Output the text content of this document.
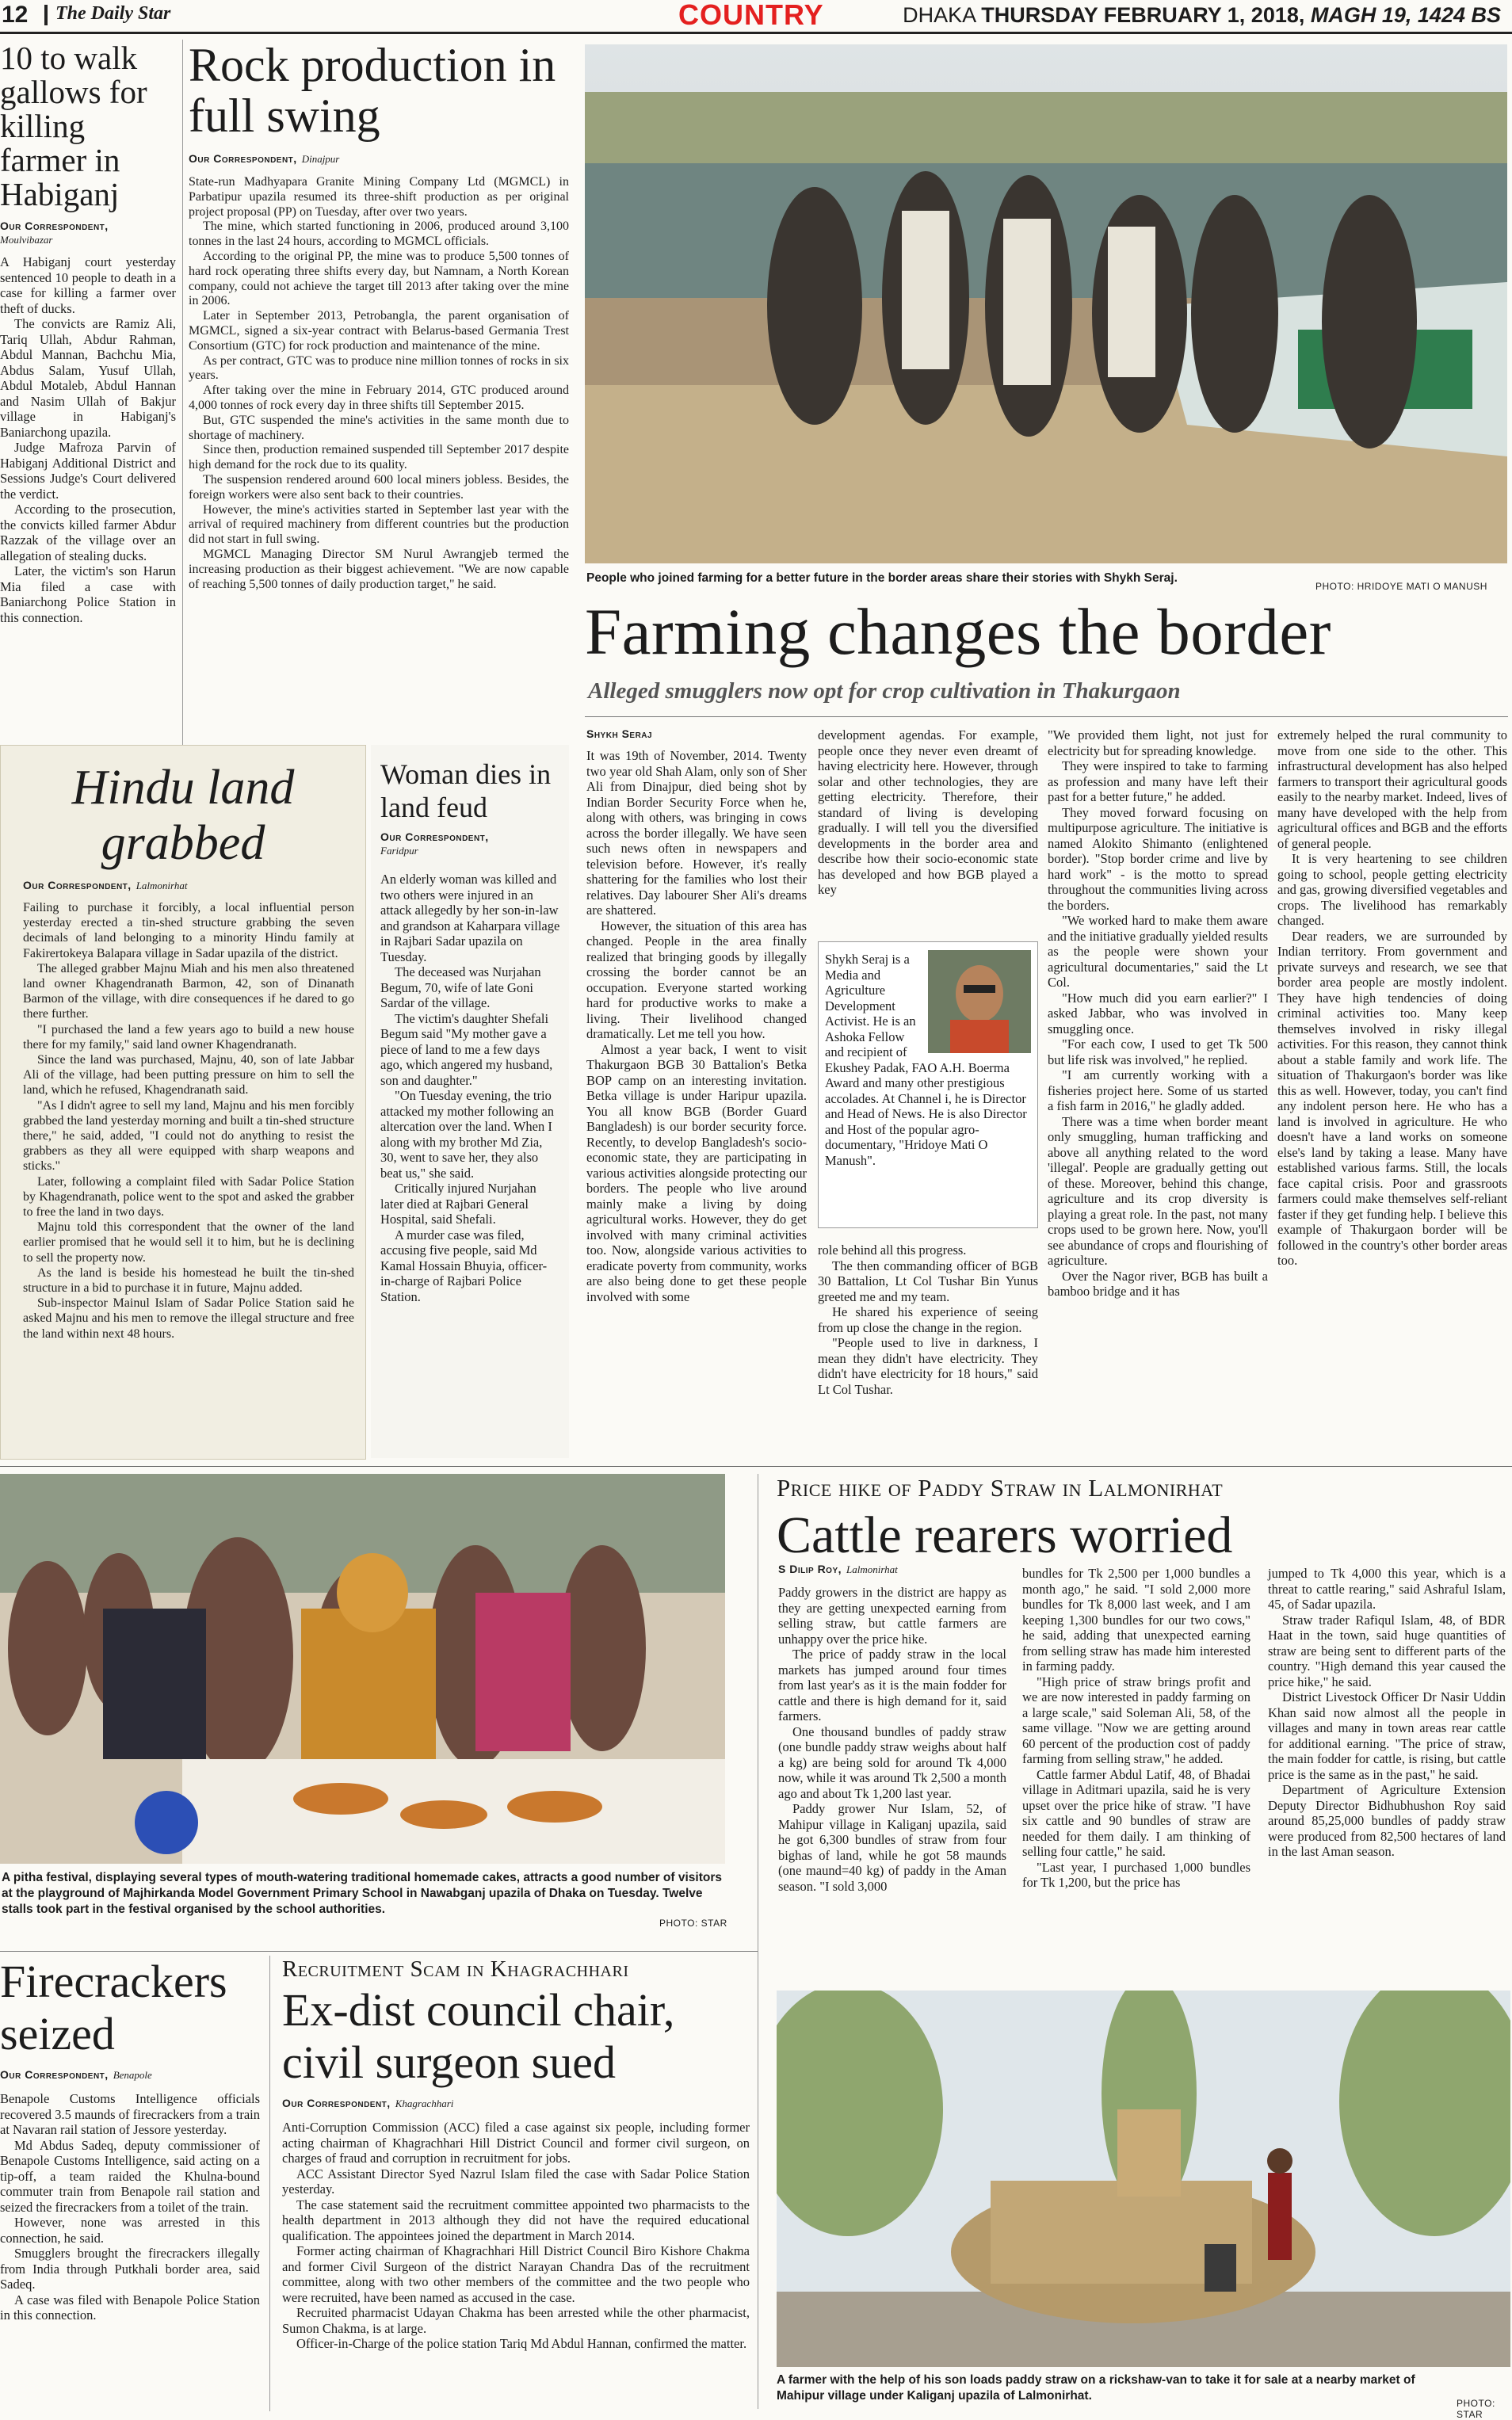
12 The Daily Star	COUNTRY	DHAKA THURSDAY FEBRUARY 1, 2018, MAGH 19, 1424 BS
10 to walk gallows for killing farmer in Habiganj
Our Correspondent,
Moulvibazar

A Habiganj court yesterday sentenced 10 people to death in a case for killing a farmer over theft of ducks.

The convicts are Ramiz Ali, Tariq Ullah, Abdur Rahman, Abdul Mannan, Bachchu Mia, Abdus Salam, Yusuf Ullah, Abdul Motaleb, Abdul Hannan and Nasim Ullah of Bakjur village in Habiganj's Baniarchong upazila.

Judge Mafroza Parvin of Habiganj Additional District and Sessions Judge's Court delivered the verdict.

According to the prosecution, the convicts killed farmer Abdur Razzak of the village over an allegation of stealing ducks.

Later, the victim's son Harun Mia filed a case with Baniarchong Police Station in this connection.

Rock production in full swing
Our Correspondent, Dinajpur

State-run Madhyapara Granite Mining Company Ltd (MGMCL) in Parbatipur upazila resumed its three-shift production as per original project proposal (PP) on Tuesday, after over two years.

The mine, which started functioning in 2006, produced around 3,100 tonnes in the last 24 hours, according to MGMCL officials.

According to the original PP, the mine was to produce 5,500 tonnes of hard rock operating three shifts every day, but Namnam, a North Korean company, could not achieve the target till 2013 after taking over the mine in 2006.

Later in September 2013, Petrobangla, the parent organisation of MGMCL, signed a six-year contract with Belarus-based Germania Trest Consortium (GTC) for rock production and maintenance of the mine.

As per contract, GTC was to produce nine million tonnes of rocks in six years.

After taking over the mine in February 2014, GTC produced around 4,000 tonnes of rock every day in three shifts till September 2015.

But, GTC suspended the mine's activities in the same month due to shortage of machinery.

Since then, production remained suspended till September 2017 despite high demand for the rock due to its quality.

The suspension rendered around 600 local miners jobless. Besides, the foreign workers were also sent back to their countries.

However, the mine's activities started in September last year with the arrival of required machinery from different countries but the production did not start in full swing.

MGMCL Managing Director SM Nurul Awrangjeb termed the increasing production as their biggest achievement. "We are now capable of reaching 5,500 tonnes of daily production target," he said.	People who joined farming for a better future in the border areas share their stories with Shykh Seraj.
PHOTO: HRIDOYE MATI O MANUSH
Farming changes the border
Alleged smugglers now opt for crop cultivation in Thakurgaon
Shykh Seraj

It was 19th of November, 2014. Twenty two year old Shah Alam, only son of Sher Ali from Dinajpur, died being shot by Indian Border Security Force when he, along with others, was bringing in cows across the border illegally. We have seen such news often in newspapers and television before. However, it's really shattering for the families who lost their relatives. Day labourer Sher Ali's dreams are shattered.

However, the situation of this area has changed. People in the area finally realized that bringing goods by illegally crossing the border cannot be an occupation. Everyone started working hard for productive works to make a living. Their livelihood changed dramatically. Let me tell you how.

Almost a year back, I went to visit Thakurgaon BGB 30 Battalion's Betka BOP camp on an interesting invitation. Betka village is under Haripur upazila. You all know BGB (Border Guard Bangladesh) is our border security force. Recently, to develop Bangladesh's socio-economic state, they are participating in various activities alongside protecting our borders. The people who live around mainly make a living by doing agricultural works. However, they do get involved with many criminal activities too. Now, alongside various activities to eradicate poverty from community, works are also being done to get these people involved with some

development agendas. For example, people once they never even dreamt of having electricity here. However, through solar and other technologies, they are getting electricity. Therefore, their standard of living is developing gradually. I will tell you the diversified developments in the border area and describe how their socio-economic state has developed and how BGB played a key

Shykh Seraj is a Media and Agriculture Development Activist. He is an Ashoka Fellow and recipient of Ekushey Padak, FAO A.H. Boerma Award and many other prestigious accolades. At Channel i, he is Director and Head of News. He is also Director and Host of the popular agro-documentary, "Hridoye Mati O Manush".

role behind all this progress.

The then commanding officer of BGB 30 Battalion, Lt Col Tushar Bin Yunus greeted me and my team.

He shared his experience of seeing from up close the change in the region.

"People used to live in darkness, I mean they didn't have electricity. They didn't have electricity for 18 hours," said Lt Col Tushar.

"We provided them light, not just for electricity but for spreading knowledge.

They were inspired to take to farming as profession and many have left their past for a better future," he added.

They moved forward focusing on multipurpose agriculture. The initiative is named Alokito Shimanto (enlightened border). "Stop border crime and live by hard work" - is the motto to spread throughout the communities living across the borders.

"We worked hard to make them aware and the initiative gradually yielded results as the people were shown your agricultural documentaries," said the Lt Col.

"How much did you earn earlier?" I asked Jabbar, who was involved in smuggling once.

"For each cow, I used to get Tk 500 but life risk was involved," he replied.

"I am currently working with a fisheries project here. Some of us started a fish farm in 2016," he gladly added.

There was a time when border meant only smuggling, human trafficking and above all anything related to the word 'illegal'. People are gradually getting out of these. Moreover, behind this change, agriculture and its crop diversity is playing a great role. In the past, not many crops used to be grown here. Now, you'll see abundance of crops and flourishing of agriculture.

Over the Nagor river, BGB has built a bamboo bridge and it has

extremely helped the rural community to move from one side to the other. This infrastructural development has also helped farmers to transport their agricultural goods easily to the nearby market. Indeed, lives of many have developed with the help from agricultural offices and BGB and the efforts of general people.

It is very heartening to see children going to school, people getting electricity and gas, growing diversified vegetables and crops. The livelihood has remarkably changed.

Dear readers, we are surrounded by Indian territory. From government and private surveys and research, we see that border area people are mostly indolent. They have high tendencies of doing criminal activities too. Many keep themselves involved in risky illegal activities. For this reason, they cannot think about a stable family and work life. The situation of Thakurgaon's border was like this as well. However, today, you can't find any indolent person here. He who has a land is involved in agriculture. He who doesn't have a land works on someone else's land by taking a lease. Many have established various farms. Still, the locals face capital crisis. Poor and grassroots farmers could make themselves self-reliant faster if they get funding help. I believe this example of Thakurgaon border will be followed in the country's other border areas too.

Hindu land grabbed
Our Correspondent, Lalmonirhat

Failing to purchase it forcibly, a local influential person yesterday erected a tin-shed structure grabbing the seven decimals of land belonging to a minority Hindu family at Fakirertokeya Balapara village in Sadar upazila of the district.

The alleged grabber Majnu Miah and his men also threatened land owner Khagendranath Barmon, 42, son of Dinanath Barmon of the village, with dire consequences if he dared to go there further.

"I purchased the land a few years ago to build a new house there for my family," said land owner Khagendranath.

Since the land was purchased, Majnu, 40, son of late Jabbar Ali of the village, had been putting pressure on him to sell the land, which he refused, Khagendranath said.

"As I didn't agree to sell my land, Majnu and his men forcibly grabbed the land yesterday morning and built a tin-shed structure there," he said, added, "I could not do anything to resist the grabbers as they all were equipped with sharp weapons and sticks."

Later, following a complaint filed with Sadar Police Station by Khagendranath, police went to the spot and asked the grabber to free the land in two days.

Majnu told this correspondent that the owner of the land earlier promised that he would sell it to him, but he is declining to sell the property now.

As the land is beside his homestead he built the tin-shed structure in a bid to purchase it in future, Majnu added.

Sub-inspector Mainul Islam of Sadar Police Station said he asked Majnu and his men to remove the illegal structure and free the land within next 48 hours.

Woman dies in land feud
Our Correspondent,
Faridpur

An elderly woman was killed and two others were injured in an attack allegedly by her son-in-law and grandson at Kaharpara village in Rajbari Sadar upazila on Tuesday.

The deceased was Nurjahan Begum, 70, wife of late Goni Sardar of the village.

The victim's daughter Shefali Begum said "My mother gave a piece of land to me a few days ago, which angered my husband, son and daughter."

"On Tuesday evening, the trio attacked my mother following an altercation over the land. When I along with my brother Md Zia, 30, went to save her, they also beat us," she said.

Critically injured Nurjahan later died at Rajbari General Hospital, said Shefali.

A murder case was filed, accusing five people, said Md Kamal Hossain Bhuyia, officer-in-charge of Rajbari Police Station.

A pitha festival, displaying several types of mouth-watering traditional homemade cakes, attracts a good number of visitors at the playground of Majhirkanda Model Government Primary School in Nawabganj upazila of Dhaka on Tuesday. Twelve stalls took part in the festival organised by the school authorities.
PHOTO: STAR
Price hike of Paddy Straw in Lalmonirhat
Cattle rearers worried
S Dilip Roy, Lalmonirhat

Paddy growers in the district are happy as they are getting unexpected earning from selling straw, but cattle farmers are unhappy over the price hike.

The price of paddy straw in the local markets has jumped around four times from last year's as it is the main fodder for cattle and there is high demand for it, said farmers.

One thousand bundles of paddy straw (one bundle paddy straw weighs about half a kg) are being sold for around Tk 4,000 now, while it was around Tk 2,500 a month ago and about Tk 1,200 last year.

Paddy grower Nur Islam, 52, of Mahipur village in Kaliganj upazila, said he got 6,300 bundles of straw from four bighas of land, while he got 58 maunds (one maund=40 kg) of paddy in the Aman season. "I sold 3,000

bundles for Tk 2,500 per 1,000 bundles a month ago," he said. "I sold 2,000 more bundles for Tk 8,000 last week, and I am keeping 1,300 bundles for our two cows," he said, adding that unexpected earning from selling straw has made him interested in farming paddy.

"High price of straw brings profit and we are now interested in paddy farming on a large scale," said Soleman Ali, 58, of the same village. "Now we are getting around 60 percent of the production cost of paddy farming from selling straw," he added.

Cattle farmer Abdul Latif, 48, of Bhadai village in Aditmari upazila, said he is very upset over the price hike of straw. "I have six cattle and 90 bundles of straw are needed for them daily. I am thinking of selling four cattle," he said.

"Last year, I purchased 1,000 bundles for Tk 1,200, but the price has

jumped to Tk 4,000 this year, which is a threat to cattle rearing," said Ashraful Islam, 45, of Sadar upazila.

Straw trader Rafiqul Islam, 48, of BDR Haat in the town, said huge quantities of straw are being sent to different parts of the country. "High demand this year caused the price hike," he said.

District Livestock Officer Dr Nasir Uddin Khan said now almost all the people in villages and many in town areas rear cattle for additional earning. "The price of straw, the main fodder for cattle, is rising, but cattle price is the same as in the past," he said.

Department of Agriculture Extension Deputy Director Bidhubhushon Roy said around 85,25,000 bundles of paddy straw were produced from 82,500 hectares of land in the last Aman season.

A farmer with the help of his son loads paddy straw on a rickshaw-van to take it for sale at a nearby market of Mahipur village under Kaliganj upazila of Lalmonirhat.
PHOTO: STAR
Firecrackers seized
Our Correspondent, Benapole

Benapole Customs Intelligence officials recovered 3.5 maunds of firecrackers from a train at Navaran rail station of Jessore yesterday.

Md Abdus Sadeq, deputy commissioner of Benapole Customs Intelligence, said acting on a tip-off, a team raided the Khulna-bound commuter train from Benapole rail station and seized the firecrackers from a toilet of the train.

However, none was arrested in this connection, he said.

Smugglers brought the firecrackers illegally from India through Putkhali border area, said Sadeq.

A case was filed with Benapole Police Station in this connection.

Recruitment Scam in Khagrachhari
Ex-dist council chair, civil surgeon sued
Our Correspondent, Khagrachhari

Anti-Corruption Commission (ACC) filed a case against six people, including former acting chairman of Khagrachhari Hill District Council and former civil surgeon, on charges of fraud and corruption in recruitment for jobs.

ACC Assistant Director Syed Nazrul Islam filed the case with Sadar Police Station yesterday.

The case statement said the recruitment committee appointed two pharmacists to the health department in 2013 although they did not have the required educational qualification. The appointees joined the department in March 2014.

Former acting chairman of Khagrachhari Hill District Council Biro Kishore Chakma and former Civil Surgeon of the district Narayan Chandra Das of the recruitment committee, along with two other members of the committee and the two people who were recruited, have been named as accused in the case.

Recruited pharmacist Udayan Chakma has been arrested while the other pharmacist, Sumon Chakma, is at large.

Officer-in-Charge of the police station Tariq Md Abdul Hannan, confirmed the matter.
